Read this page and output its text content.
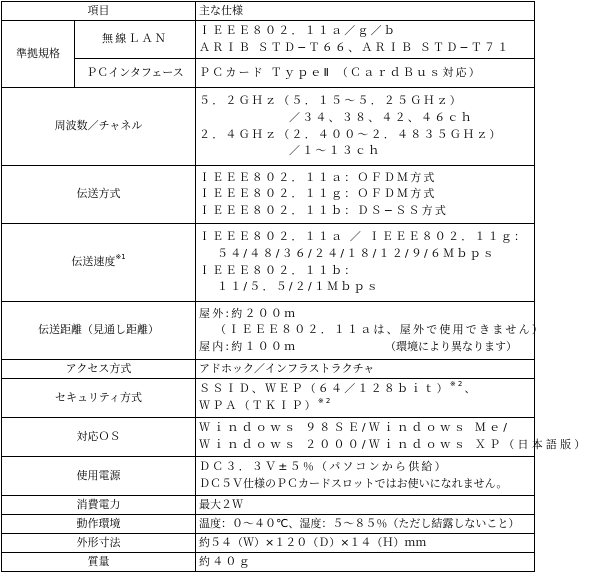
項目		主な仕様
準拠規格	無線ＬＡＮ	ＩＥＥＥ８０２．１１ａ／ｇ／ｂ
ＡＲＩＢ ＳＴＤ−Ｔ６６、ＡＲＩＢ ＳＴＤ−Ｔ７１

	ＰＣインタフェース	ＰＣカード ＴｙｐｅⅡ （ＣａｒｄＢｕｓ対応）
周波数／チャネル		５．２ＧＨｚ（５．１５〜５．２５ＧＨｚ）
／３４、３８、４２、４６ｃｈ
２．４ＧＨｚ（２．４００〜２．４８３５ＧＨｚ）
／１〜１３ｃｈ

伝送方式		ＩＥＥＥ８０２．１１ａ：ＯＦＤＭ方式
ＩＥＥＥ８０２．１１ｇ：ＯＦＤＭ方式
ＩＥＥＥ８０２．１１ｂ：ＤＳ−ＳＳ方式

伝送速度$^{※1}$		ＩＥＥＥ８０２．１１ａ ／ ＩＥＥＥ８０２．１１ｇ：
５４/４８/３６/２４/１８/１２/９/６Ｍｂｐｓ
ＩＥＥＥ８０２．１１ｂ：
１１/５．５/２/１Ｍｂｐｓ

伝送距離（見通し距離）		屋外:約２００ｍ
（ＩＥＥＥ８０２．１１ａは、屋外で使用できません）
屋内:約１００ｍ （環境により異なります）

アクセス方式		アドホック／インフラストラクチャ
セキュリティ方式		ＳＳＩＤ、ＷＥＰ（６４／１２８ｂｉｔ）$^{※2}$、
ＷＰＡ（ＴＫＩＰ）$^{※2}$

対応ＯＳ		Ｗｉｎｄｏｗｓ ９８ＳＥ/Ｗｉｎｄｏｗｓ Ｍｅ/
Ｗｉｎｄｏｗｓ ２０００/Ｗｉｎｄｏｗｓ ＸＰ（日本語版）

使用電源		ＤＣ３．３Ｖ±５％（パソコンから供給）
ＤＣ５Ｖ仕様のＰＣカードスロットではお使いになれません。

消費電力		最大２Ｗ
動作環境		温度：０〜４０℃、湿度：５〜８５％（ただし結露しないこと）
外形寸法		約５４（Ｗ）×１２０（Ｄ）×１４（Ｈ）ｍｍ
質量		約４０ｇ
